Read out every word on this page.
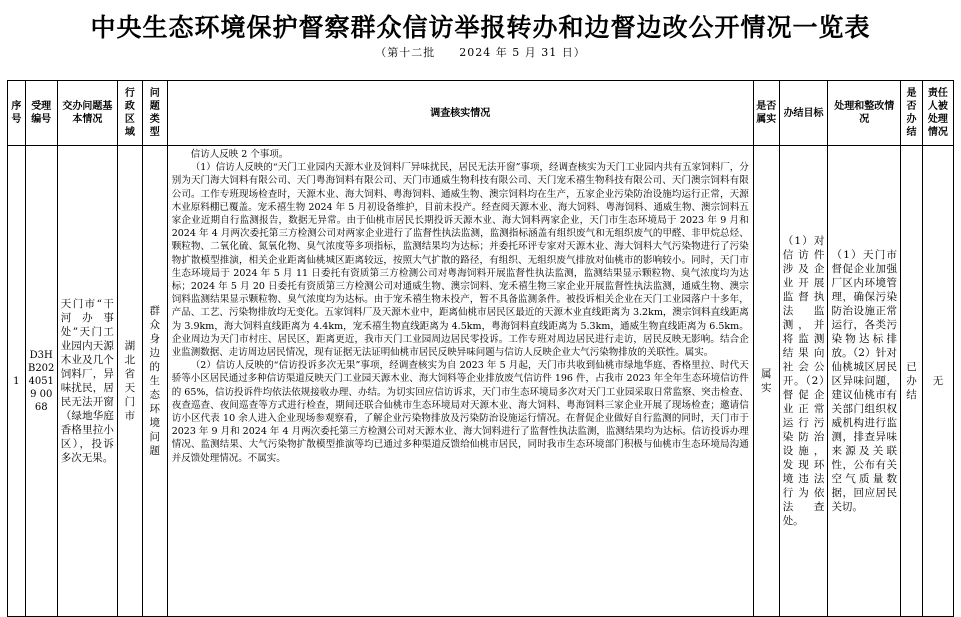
中央生态环境保护督察群众信访举报转办和边督边改公开情况一览表
（第十二批　　2024 年 5 月 31 日）
序号	受理编号	交办问题基本情况	行政区域	问题类型	调查核实情况	是否属实	办结目标	处理和整改情况	是否办结	责任人被处理情况
1	D3HB20240519 0068	天门市“干河办事处”天门工业园内天源木业及几个饲料厂，异味扰民，居民无法开窗（绿地华庭香格里拉小区），投诉多次无果。	湖北省天门市	群众身边的生态环境问题	信访人反映 2 个事项。

（1）信访人反映的“天门工业园内天源木业及饲料厂异味扰民，居民无法开窗”事项，经调查核实为天门工业园内共有五家饲料厂，分别为天门海大饲料有限公司、天门粤海饲料有限公司、天门市通威生物科技有限公司、天门宠禾禧生物科技有限公司、天门澳宗饲料有限公司。工作专班现场检查时，天源木业、海大饲料、粤海饲料、通威生物、澳宗饲料均在生产，五家企业污染防治设施均运行正常，天源木业原料棚已覆盖。宠禾禧生物 2024 年 5 月初设备维护，目前未投产。经查阅天源木业、海大饲料、粤海饲料、通威生物、澳宗饲料五家企业近期自行监测报告，数据无异常。由于仙桃市居民长期投诉天源木业、海大饲料两家企业，天门市生态环境局于 2023 年 9 月和 2024 年 4 月两次委托第三方检测公司对两家企业进行了监督性执法监测，监测指标涵盖有组织废气和无组织废气的甲醛、非甲烷总烃、颗粒物、二氧化硫、氮氧化物、臭气浓度等多项指标，监测结果均为达标；并委托环评专家对天源木业、海大饲料大气污染物进行了污染物扩散模型推演，相关企业距离仙桃城区距离较远，按照大气扩散的路径，有组织、无组织废气排放对仙桃市的影响较小。同时，天门市生态环境局于 2024 年 5 月 11 日委托有资质第三方检测公司对粤海饲料开展监督性执法监测，监测结果显示颗粒物、臭气浓度均为达标；2024 年 5 月 20 日委托有资质第三方检测公司对通威生物、澳宗饲料、宠禾禧生物三家企业开展监督性执法监测，通威生物、澳宗饲料监测结果显示颗粒物、臭气浓度均为达标。由于宠禾禧生物未投产，暂不具备监测条件。被投诉相关企业在天门工业园落户十多年，产品、工艺、污染物排放均无变化。五家饲料厂及天源木业中，距离仙桃市居民区最近的天源木业直线距离为 3.2km，澳宗饲料直线距离为 3.9km，海大饲料直线距离为 4.4km，宠禾禧生物直线距离为 4.5km，粤海饲料直线距离为 5.3km，通威生物直线距离为 6.5km。企业周边为天门市村庄、居民区，距离更近，我市天门工业园周边居民零投诉。工作专班对周边居民进行走访，居民反映无影响。结合企业监测数据、走访周边居民情况，现有证据无法证明仙桃市居民反映异味问题与信访人反映企业大气污染物排放的关联性。属实。

（2）信访人反映的“信访投诉多次无果”事项，经调查核实为自 2023 年 5 月起，天门市共收到仙桃市绿地华庭、香格里拉、时代天骄等小区居民通过多种信访渠道反映天门工业园天源木业、海大饲料等企业排放废气信访件 196 件，占我市 2023 年全年生态环境信访件的 65%，信访投诉件均依法依规接收办理、办结。为切实回应信访诉求，天门市生态环境局多次对天门工业园采取日常监察、突击检查、夜查巡查、夜间巡查等方式进行检查，期间还联合仙桃市生态环境局对天源木业、海大饲料、粤海饲料三家企业开展了现场检查；邀请信访小区代表 10 余人进入企业现场参观察看，了解企业污染物排放及污染防治设施运行情况。在督促企业做好自行监测的同时，天门市于 2023 年 9 月和 2024 年 4 月两次委托第三方检测公司对天源木业、海大饲料进行了监督性执法监测，监测结果均为达标。信访投诉办理情况、监测结果、大气污染物扩散模型推演等均已通过多种渠道反馈给仙桃市居民，同时我市生态环境部门积极与仙桃市生态环境局沟通并反馈处理情况。不属实。	属实	（1）对信访件涉及企业开展监督执法监测，并将监测结果向社会公开。（2）督促企业正常运行污染防治设施，发现环境违法行为依法查处。	（1）天门市督促企业加强厂区内环境管理，确保污染防治设施正常运行，各类污染物达标排放。（2）针对仙桃城区居民区异味问题，建议仙桃市有关部门组织权威机构进行监测，排查异味来源及关联性，公布有关空气质量数据，回应居民关切。	已办结	无
